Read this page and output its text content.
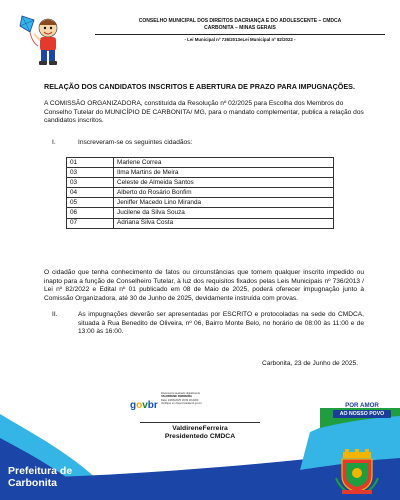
CONSELHO MUNICIPAL DOS DIREITOS DACRIANÇA E DO ADOLESCENTE – CMDCA
CARBONITA – MINAS GERAIS
- Lei Municipal nº 736/2013eLei Municipal nº 82/2022 -
RELAÇÃO DOS CANDIDATOS INSCRITOS E ABERTURA DE PRAZO PARA IMPUGNAÇÕES.
A COMISSÃO ORGANIZADORA, constituída da Resolução nº 02/2025 para Escolha dos Membros do Conselho Tutelar do MUNICÍPIO DE CARBONITA/ MG, para o mandato complementar, publica a relação dos candidatos inscritos.
I.	Inscreveram-se os seguintes cidadãos:
01	Marlene Correa
03	Ilma Martins de Meira
03	Celeste de Almeida Santos
04	Alberto do Rosário Bonfim
05	Jeniffer Macedo Lino Miranda
06	Jucilene da Silva Souza
07	Adriana Silva Costa
O cidadão que tenha conhecimento de fatos ou circunstâncias que tornem qualquer inscrito impedido ou inapto para a função de Conselheiro Tutelar, à luz dos requisitos fixados pelas Leis Municipais nº 736/2013 / Lei nº 82/2022 e Edital nº 01 publicado em 08 de Maio de 2025, poderá oferecer impugnação junto à Comissão Organizadora, até 30 de Junho de 2025, devidamente instruída com provas.
II.	As impugnações deverão ser apresentadas por ESCRITO e protocoladas na sede do CMDCA, situada à Rua Benedito de Oliveira, nº 06, Bairro Monte Belo, no horário de 08:00 às 11:00 e de 13:00 às 16:00.
Carbonita, 23 de Junho de 2025.
TRABALHANDO
POR AMOR
AO NOSSO POVO
govbr
Documento assinado digitalmente
VALDIRENE FERREIRA
Data: 23/06/2025 18:09:18-0300
Verifique em https://validar.iti.gov.br
ValdireneFerreira
Presidentedo CMDCA
Prefeitura de
Carbonita
